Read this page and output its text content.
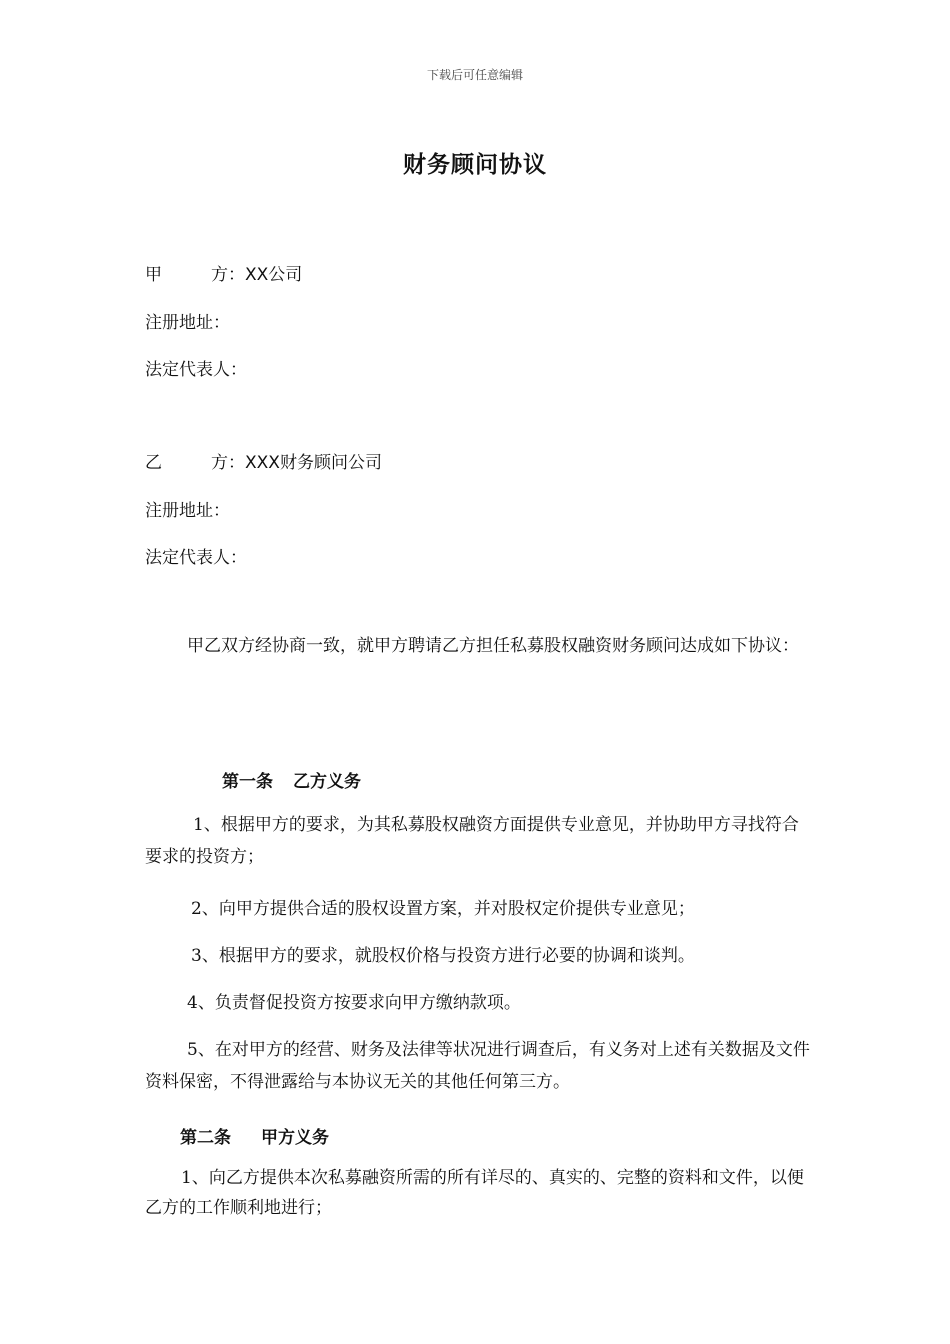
下载后可任意编辑
财务顾问协议
甲	方：XX公司
注册地址：
法定代表人：
乙	方：XXX财务顾问公司
注册地址：
法定代表人：
甲乙双方经协商一致，就甲方聘请乙方担任私募股权融资财务顾问达成如下协议：
第一条 乙方义务
1、根据甲方的要求，为其私募股权融资方面提供专业意见，并协助甲方寻找符合要求的投资方；
2、向甲方提供合适的股权设置方案，并对股权定价提供专业意见；
3、根据甲方的要求，就股权价格与投资方进行必要的协调和谈判。
4、负责督促投资方按要求向甲方缴纳款项。
5、在对甲方的经营、财务及法律等状况进行调查后，有义务对上述有关数据及文件资料保密，不得泄露给与本协议无关的其他任何第三方。
第二条 甲方义务
1、向乙方提供本次私募融资所需的所有详尽的、真实的、完整的资料和文件，以便乙方的工作顺利地进行；
